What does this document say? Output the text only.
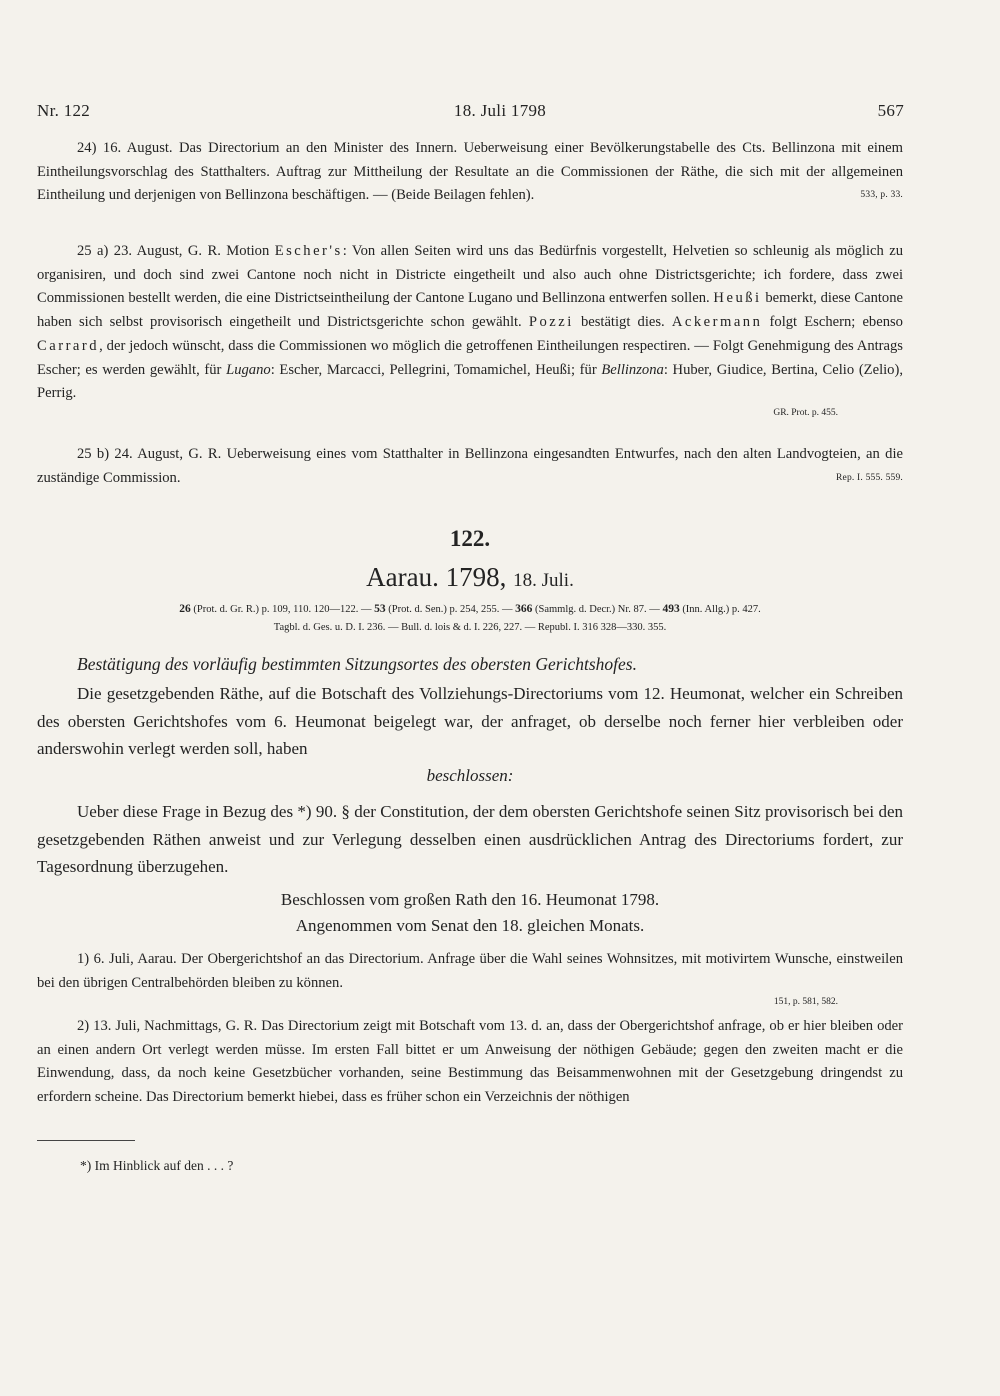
18. Juli 1798
Nr. 122	567

24) 16. August. Das Directorium an den Minister des Innern. Ueberweisung einer Bevölkerungstabelle des Cts. Bellinzona mit einem Eintheilungsvorschlag des Statthalters. Auftrag zur Mittheilung der Resultate an die Commissionen der Räthe, die sich mit der allgemeinen Eintheilung und derjenigen von Bellinzona beschäftigen. — (Beide Beilagen fehlen).	533, p. 33.

25 a) 23. August, G. R. Motion Escher's: Von allen Seiten wird uns das Bedürfnis vorgestellt, Helvetien so schleunig als möglich zu organisiren, und doch sind zwei Cantone noch nicht in Districte eingetheilt und also auch ohne Districtsgerichte; ich fordere, dass zwei Commissionen bestellt werden, die eine Districtseintheilung der Cantone Lugano und Bellinzona entwerfen sollen. Heußi bemerkt, diese Cantone haben sich selbst provisorisch eingetheilt und Districtsgerichte schon gewählt. Pozzi bestätigt dies. Ackermann folgt Eschern; ebenso Carrard, der jedoch wünscht, dass die Commissionen wo möglich die getroffenen Eintheilungen respectiren. — Folgt Genehmigung des Antrags Escher; es werden gewählt, für Lugano: Escher, Marcacci, Pellegrini, Tomamichel, Heußi; für Bellinzona: Huber, Giudice, Bertina, Celio (Zelio), Perrig.

GR. Prot. p. 455.

25 b) 24. August, G. R. Ueberweisung eines vom Statthalter in Bellinzona eingesandten Entwurfes, nach den alten Landvogteien, an die zuständige Commission.	Rep. I. 555. 559.

122.
Aarau. 1798, 18. Juli.
26 (Prot. d. Gr. R.) p. 109, 110. 120—122. — 53 (Prot. d. Sen.) p. 254, 255. — 366 (Sammlg. d. Decr.) Nr. 87. — 493 (Inn. Allg.) p. 427.
Tagbl. d. Ges. u. D. I. 236. — Bull. d. lois & d. I. 226, 227. — Republ. I. 316 328—330. 355.

Bestätigung des vorläufig bestimmten Sitzungsortes des obersten Gerichtshofes.

Die gesetzgebenden Räthe, auf die Botschaft des Vollziehungs-Directoriums vom 12. Heumonat, welcher ein Schreiben des obersten Gerichtshofes vom 6. Heumonat beigelegt war, der anfraget, ob derselbe noch ferner hier verbleiben oder anderswohin verlegt werden soll, haben

beschlossen:

Ueber diese Frage in Bezug des *) 90. § der Constitution, der dem obersten Gerichtshofe seinen Sitz provisorisch bei den gesetzgebenden Räthen anweist und zur Verlegung desselben einen ausdrücklichen Antrag des Directoriums fordert, zur Tagesordnung überzugehen.

Beschlossen vom großen Rath den 16. Heumonat 1798.
Angenommen vom Senat den 18. gleichen Monats.

1) 6. Juli, Aarau. Der Obergerichtshof an das Directorium. Anfrage über die Wahl seines Wohnsitzes, mit motivirtem Wunsche, einstweilen bei den übrigen Centralbehörden bleiben zu können.

151, p. 581, 582.

2) 13. Juli, Nachmittags, G. R. Das Directorium zeigt mit Botschaft vom 13. d. an, dass der Obergerichtshof anfrage, ob er hier bleiben oder an einen andern Ort verlegt werden müsse. Im ersten Fall bittet er um Anweisung der nöthigen Gebäude; gegen den zweiten macht er die Einwendung, dass, da noch keine Gesetzbücher vorhanden, seine Bestimmung das Beisammenwohnen mit der Gesetzgebung dringendst zu erfordern scheine. Das Directorium bemerkt hiebei, dass es früher schon ein Verzeichnis der nöthigen

*) Im Hinblick auf den . . . ?
